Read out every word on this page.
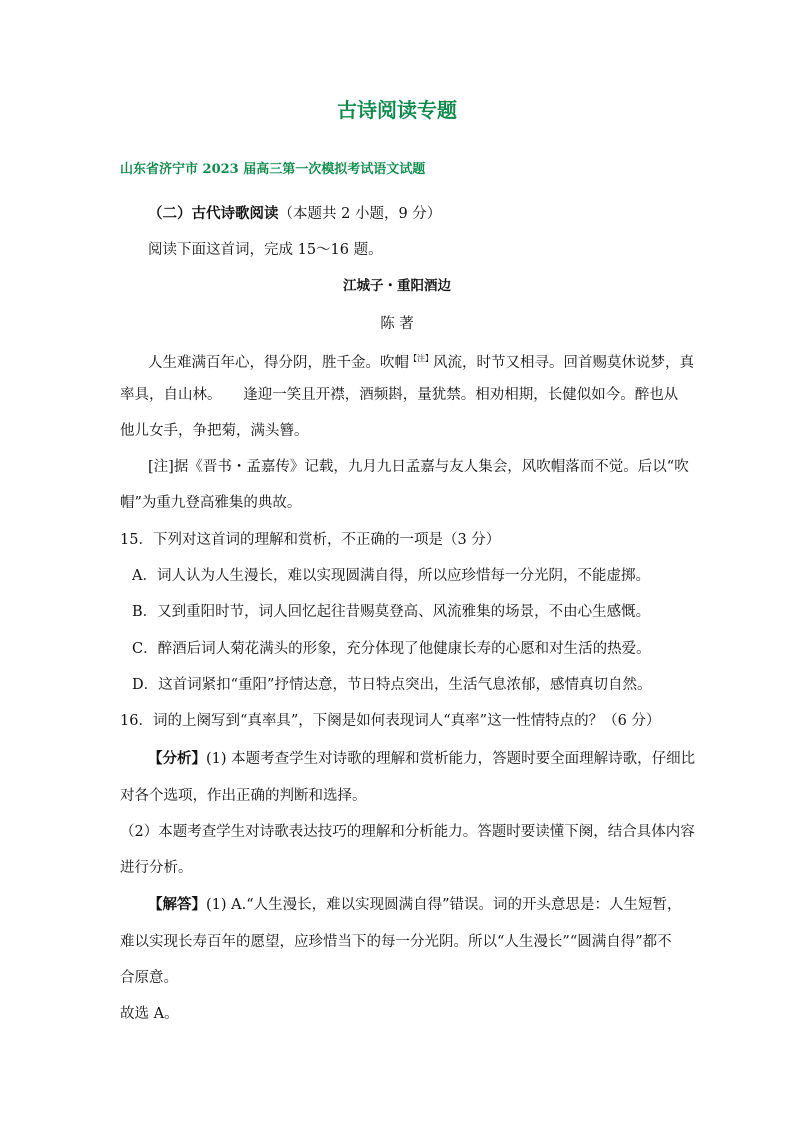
古诗阅读专题
山东省济宁市 2023 届高三第一次模拟考试语文试题
（二）古代诗歌阅读（本题共 2 小题，9 分）
阅读下面这首词，完成 15～16 题。
江城子・重阳酒边
陈 著
人生难满百年心，得分阴，胜千金。吹帽$^{【注】}$风流，时节又相寻。回首赐莫休说梦，真
率具，自山林。　　逢迎一笑且开襟，酒频斟，量犹禁。相劝相期，长健似如今。醉也从
他儿女手，争把菊，满头簪。
[注]据《晋书・孟嘉传》记载，九月九日孟嘉与友人集会，风吹帽落而不觉。后以“吹
帽”为重九登高雅集的典故。
15．下列对这首词的理解和赏析，不正确的一项是（3 分）
A．词人认为人生漫长，难以实现圆满自得，所以应珍惜每一分光阴，不能虚掷。
B．又到重阳时节，词人回忆起往昔赐莫登高、风流雅集的场景，不由心生感慨。
C．醉酒后词人菊花满头的形象，充分体现了他健康长寿的心愿和对生活的热爱。
D．这首词紧扣“重阳”抒情达意，节日特点突出，生活气息浓郁，感情真切自然。
16．词的上阕写到“真率具”，下阕是如何表现词人“真率”这一性情特点的？（6 分）
【分析】(1) 本题考查学生对诗歌的理解和赏析能力，答题时要全面理解诗歌，仔细比
对各个选项，作出正确的判断和选择。
（2）本题考查学生对诗歌表达技巧的理解和分析能力。答题时要读懂下阕，结合具体内容
进行分析。
【解答】(1) A.“人生漫长，难以实现圆满自得”错误。词的开头意思是：人生短暂，
难以实现长寿百年的愿望，应珍惜当下的每一分光阴。所以“人生漫长”“圆满自得”都不
合原意。
故选 A。
